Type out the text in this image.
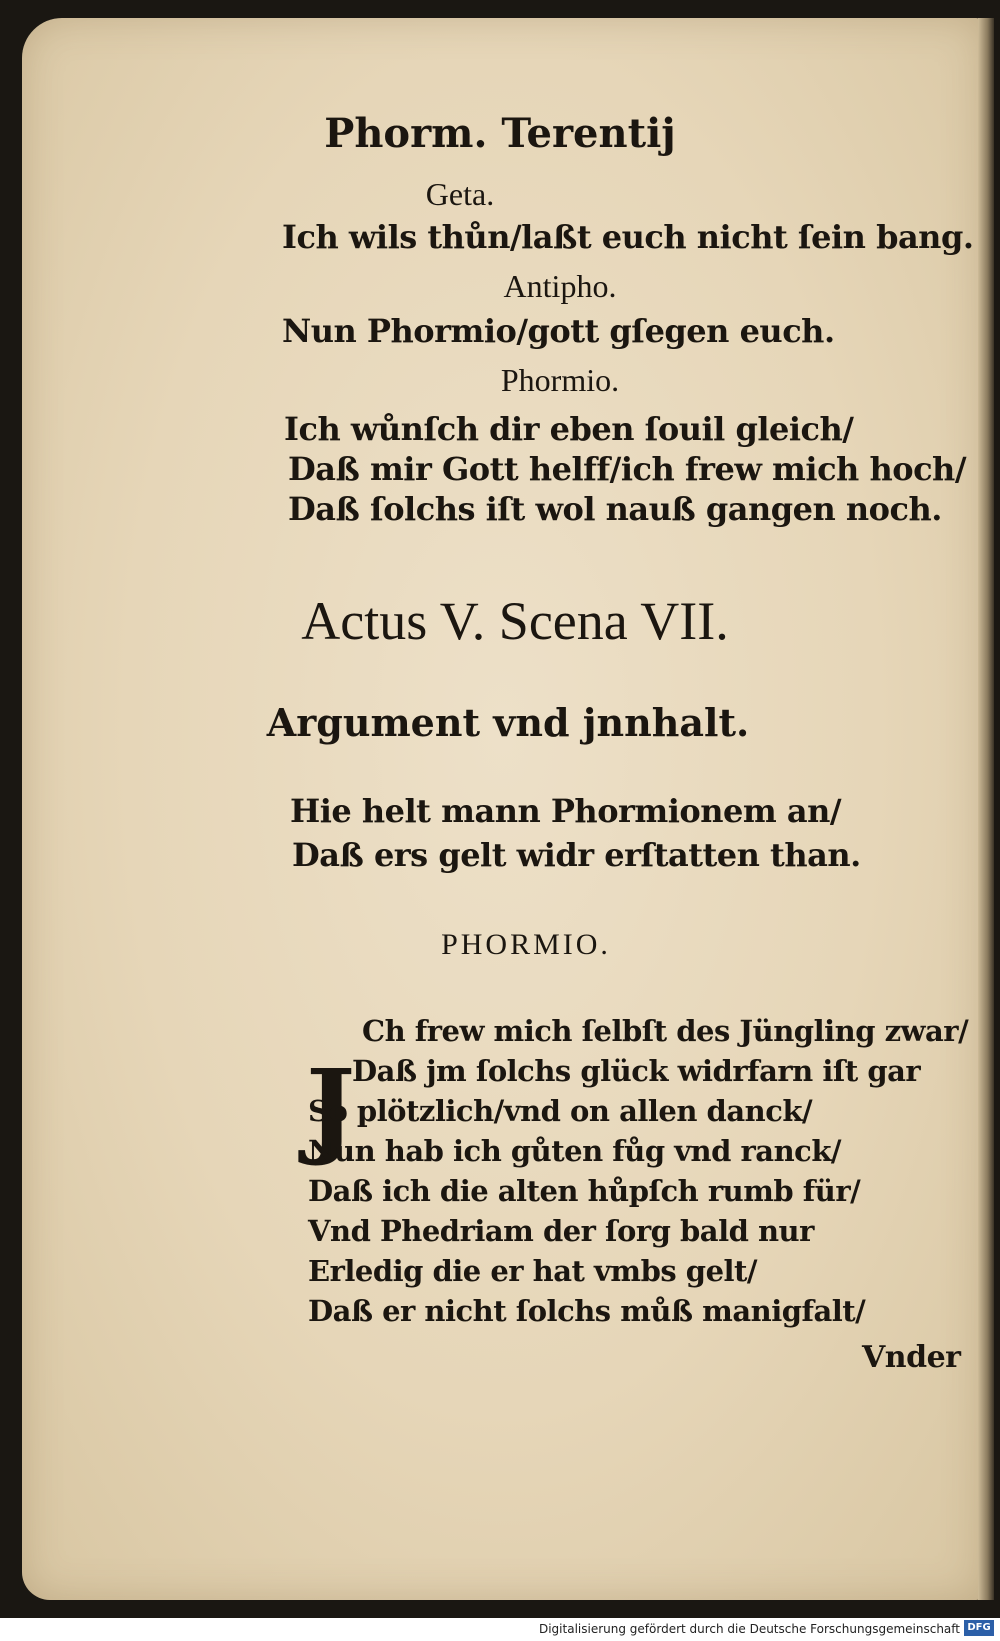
Phorm. Terentij
Geta.
Ich wils thůn/laßt euch nicht ſein bang.
Antipho.
Nun Phormio/gott gſegen euch.
Phormio.
Ich wůnſch dir eben ſouil gleich/
Daß mir Gott helff/ich frew mich hoch/
Daß ſolchs iſt wol nauß gangen noch.
Actus V. Scena VII.
Argument vnd jnnhalt.
Hie helt mann Phormionem an/
Daß ers gelt widr erſtatten than.
PHORMIO.
J
Ch frew mich ſelbſt des Jüngling zwar/
Daß jm ſolchs glück widrfarn iſt gar
So plötzlich/vnd on allen danck/
Nun hab ich gůten fůg vnd ranck/
Daß ich die alten hůpſch rumb für/
Vnd Phedriam der ſorg bald nur
Erledig die er hat vmbs gelt/
Daß er nicht ſolchs můß manigfalt/
Vnder
Digitalisierung gefördert durch die Deutsche Forschungsgemeinschaft DFG
